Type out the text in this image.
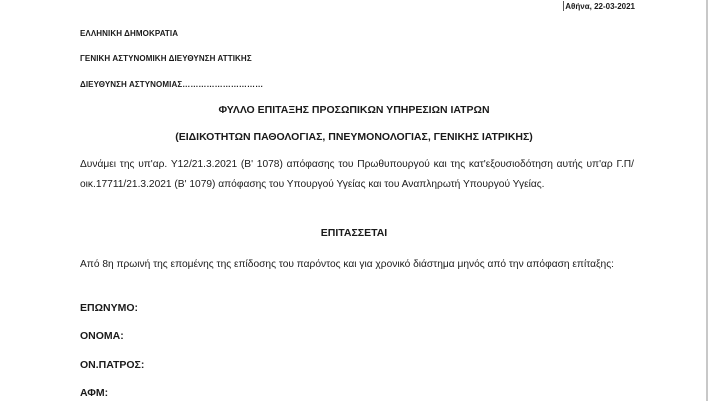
Αθήνα, 22-03-2021
ΕΛΛΗΝΙΚΗ ΔΗΜΟΚΡΑΤΙΑ
ΓΕΝΙΚΗ ΑΣΤΥΝΟΜΙΚΗ ΔΙΕΥΘΥΝΣΗ ΑΤΤΙΚΗΣ
ΔΙΕΥΘΥΝΣΗ ΑΣΤΥΝΟΜΙΑΣ…………………………
ΦΥΛΛΟ ΕΠΙΤΑΞΗΣ ΠΡΟΣΩΠΙΚΩΝ ΥΠΗΡΕΣΙΩΝ ΙΑΤΡΩΝ
(ΕΙΔΙΚΟΤΗΤΩΝ ΠΑΘΟΛΟΓΙΑΣ, ΠΝΕΥΜΟΝΟΛΟΓΙΑΣ, ΓΕΝΙΚΗΣ ΙΑΤΡΙΚΗΣ)
Δυνάμει της υπ'αρ. Υ12/21.3.2021 (Β' 1078) απόφασης του Πρωθυπουργού και της κατ'εξουσιοδότηση αυτής υπ'αρ Γ.Π/οικ.17711/21.3.2021 (Β' 1079) απόφασης του Υπουργού Υγείας και του Αναπληρωτή Υπουργού Υγείας.
ΕΠΙΤΑΣΣΕΤΑΙ
Από 8η πρωινή της επομένης της επίδοσης του παρόντος και για χρονικό διάστημα μηνός από την απόφαση επίταξης:
ΕΠΩΝΥΜΟ:
ΟΝΟΜΑ:
ΟΝ.ΠΑΤΡΟΣ:
ΑΦΜ:
